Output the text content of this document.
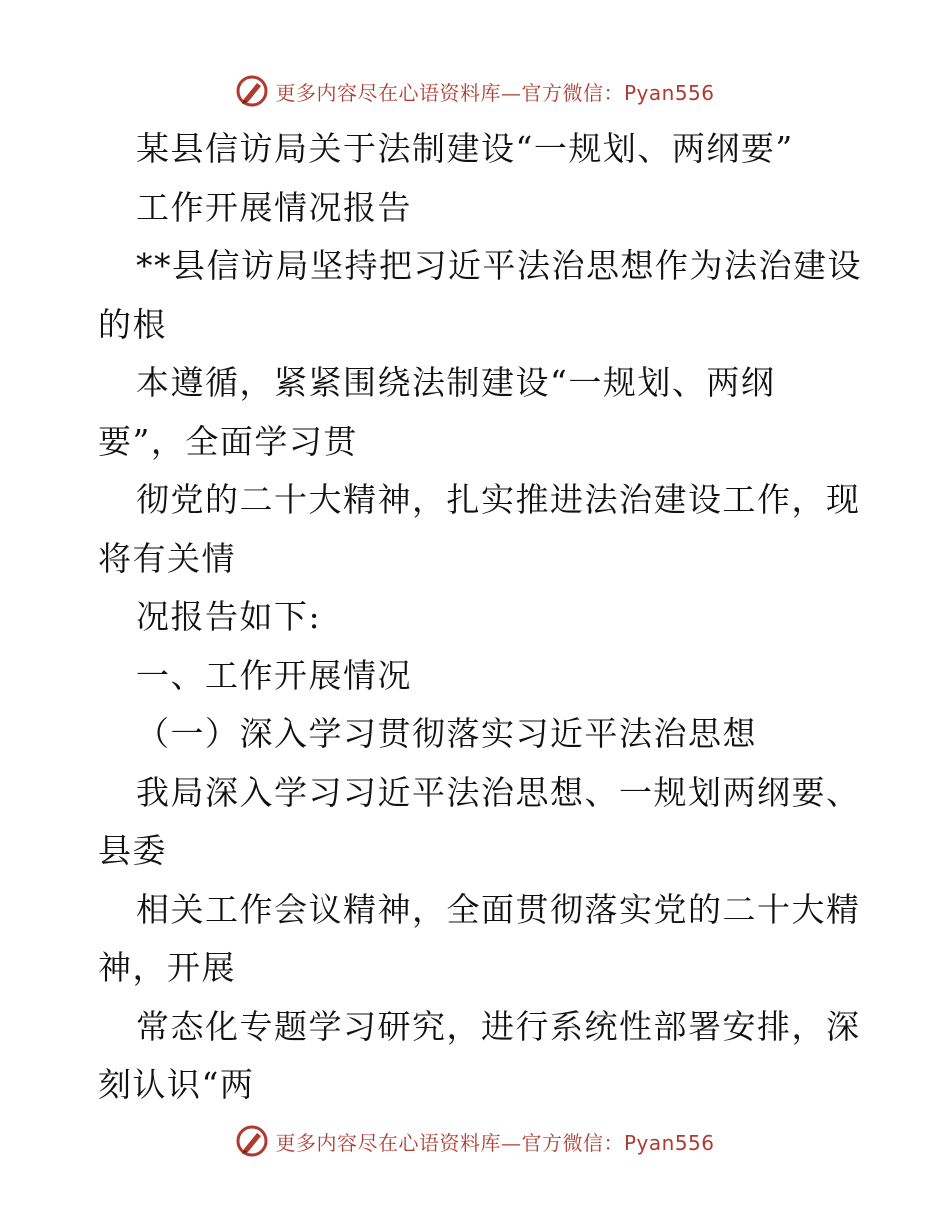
更多内容尽在心语资料库—官方微信：Pyan556
某县信访局关于法制建设“一规划、两纲要”
工作开展情况报告
**县信访局坚持把习近平法治思想作为法治建设
的根
本遵循，紧紧围绕法制建设“一规划、两纲
要”，全面学习贯
彻党的二十大精神，扎实推进法治建设工作，现
将有关情
况报告如下:
一、工作开展情况
（一）深入学习贯彻落实习近平法治思想
我局深入学习习近平法治思想、一规划两纲要、
县委
相关工作会议精神，全面贯彻落实党的二十大精
神，开展
常态化专题学习研究，进行系统性部署安排，深
刻认识“两
更多内容尽在心语资料库—官方微信：Pyan556
